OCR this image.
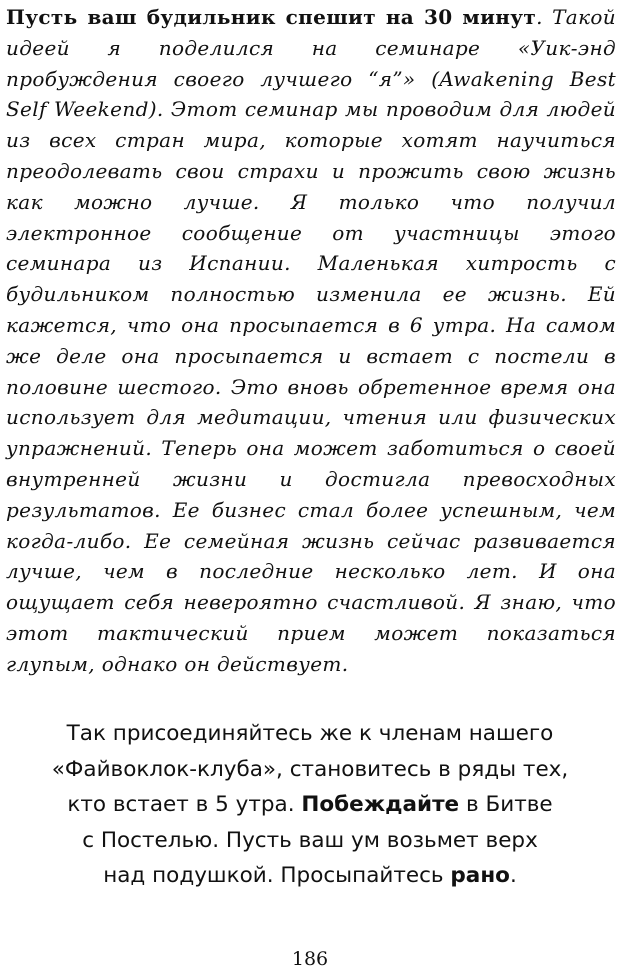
Пусть ваш будильник спешит на 30 минут. Такой идеей я поделился на семинаре «Уик-энд пробуждения своего лучшего “я”» (Awakening Best Self Weekend). Этот семинар мы проводим для людей из всех стран мира, которые хотят научиться преодолевать свои страхи и прожить свою жизнь как можно лучше. Я только что получил электронное сообщение от участницы этого семинара из Испании. Маленькая хитрость с будильником полностью изменила ее жизнь. Ей кажется, что она просыпается в 6 утра. На самом же деле она просыпается и встает с постели в половине шестого. Это вновь обретенное время она использует для медитации, чтения или физических упражнений. Теперь она может заботиться о своей внутренней жизни и достигла превосходных результатов. Ее бизнес стал более успешным, чем когда-либо. Ее семейная жизнь сейчас развивается лучше, чем в последние несколько лет. И она ощущает себя невероятно счастливой. Я знаю, что этот тактический прием может показаться глупым, однако он действует.

Так присоединяйтесь же к членам нашего
«Файвоклок-клуба», становитесь в ряды тех,
кто встает в 5 утра. Побеждайте в Битве
с Постелью. Пусть ваш ум возьмет верх
над подушкой. Просыпайтесь рано.
186
